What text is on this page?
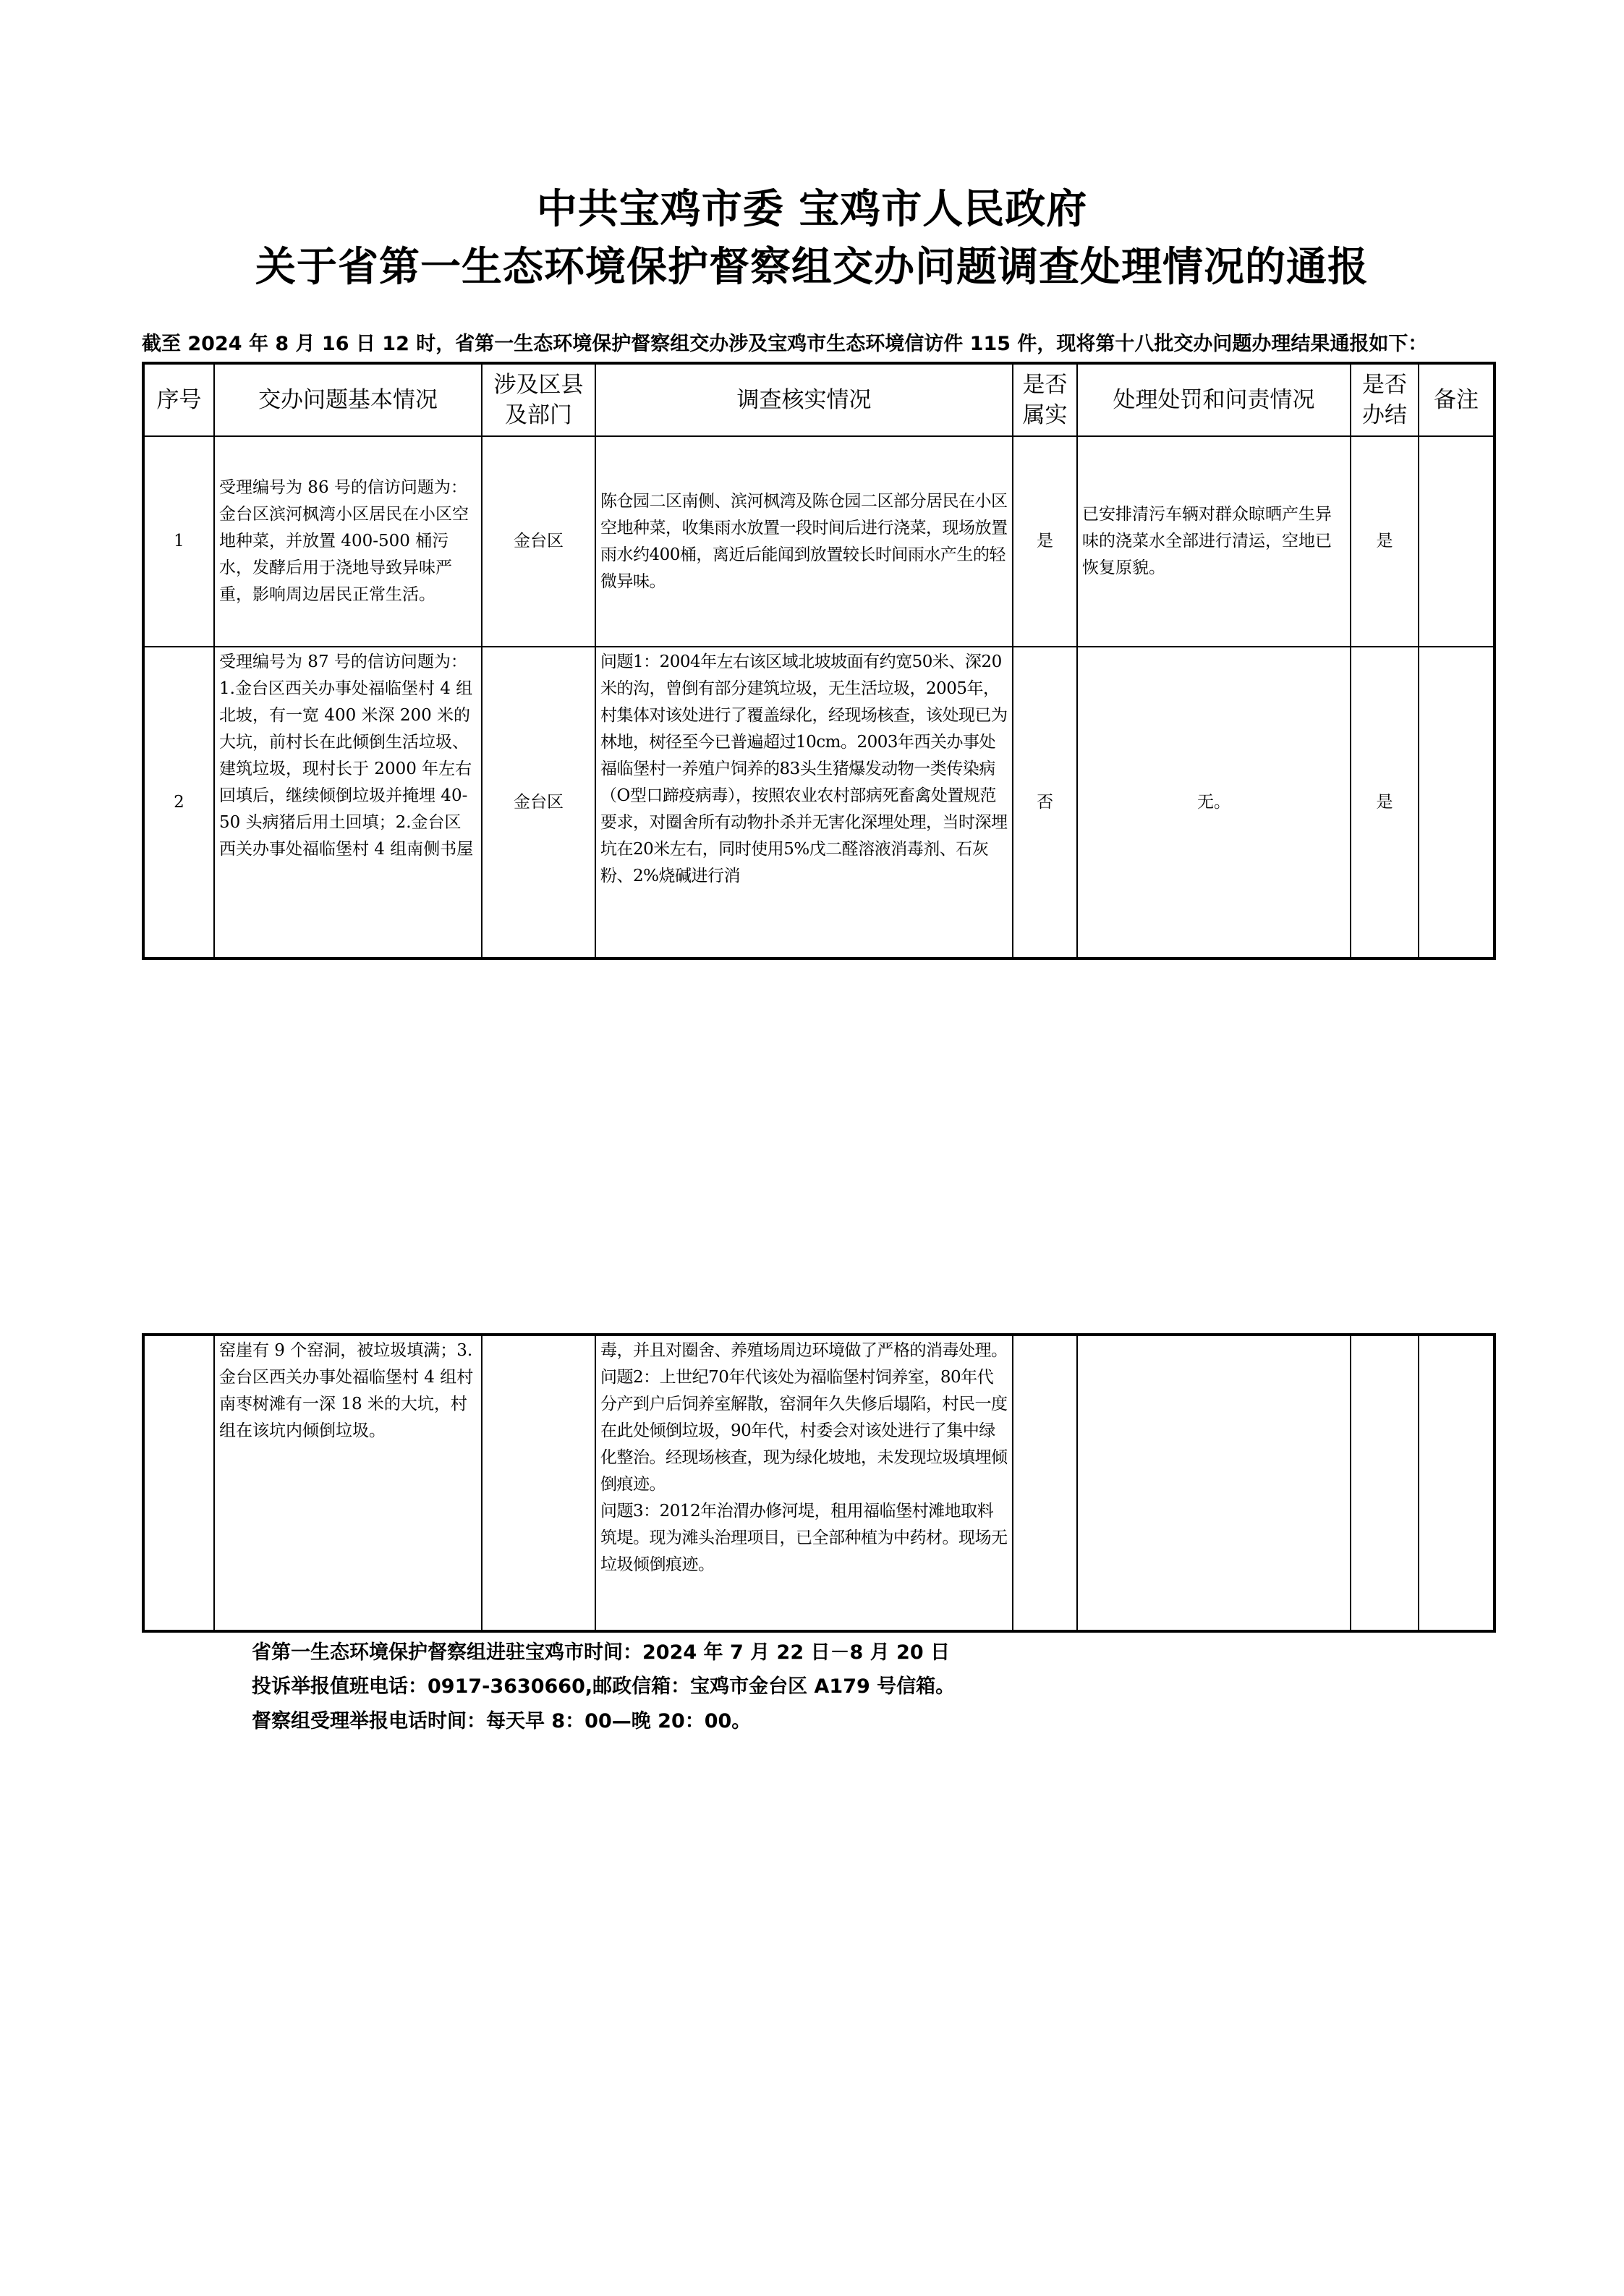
中共宝鸡市委 宝鸡市人民政府
关于省第一生态环境保护督察组交办问题调查处理情况的通报
截至 2024 年 8 月 16 日 12 时，省第一生态环境保护督察组交办涉及宝鸡市生态环境信访件 115 件，现将第十八批交办问题办理结果通报如下：
序号	交办问题基本情况	涉及区县及部门	调查核实情况	是否属实	处理处罚和问责情况	是否办结	备注
1	受理编号为 86 号的信访问题为：金台区滨河枫湾小区居民在小区空地种菜，并放置 400-500 桶污水，发酵后用于浇地导致异味严重，影响周边居民正常生活。	金台区	陈仓园二区南侧、滨河枫湾及陈仓园二区部分居民在小区空地种菜，收集雨水放置一段时间后进行浇菜，现场放置雨水约400桶，离近后能闻到放置较长时间雨水产生的轻微异味。	是	已安排清污车辆对群众晾晒产生异味的浇菜水全部进行清运，空地已恢复原貌。	是	
2	受理编号为 87 号的信访问题为：1.金台区西关办事处福临堡村 4 组北坡，有一宽 400 米深 200 米的大坑，前村长在此倾倒生活垃圾、建筑垃圾，现村长于 2000 年左右回填后，继续倾倒垃圾并掩埋 40-50 头病猪后用土回填；2.金台区西关办事处福临堡村 4 组南侧书屋	金台区	问题1：2004年左右该区域北坡坡面有约宽50米、深20米的沟，曾倒有部分建筑垃圾，无生活垃圾，2005年，村集体对该处进行了覆盖绿化，经现场核查，该处现已为林地，树径至今已普遍超过10cm。2003年西关办事处福临堡村一养殖户饲养的83头生猪爆发动物一类传染病（O型口蹄疫病毒），按照农业农村部病死畜禽处置规范要求，对圈舍所有动物扑杀并无害化深埋处理，当时深埋坑在20米左右，同时使用5%戊二醛溶液消毒剂、石灰粉、2%烧碱进行消	否	无。	是	
	窑崖有 9 个窑洞，被垃圾填满；3.金台区西关办事处福临堡村 4 组村南枣树滩有一深 18 米的大坑，村组在该坑内倾倒垃圾。		毒，并且对圈舍、养殖场周边环境做了严格的消毒处理。
问题2：上世纪70年代该处为福临堡村饲养室，80年代分产到户后饲养室解散，窑洞年久失修后塌陷，村民一度在此处倾倒垃圾，90年代，村委会对该处进行了集中绿化整治。经现场核查，现为绿化坡地，未发现垃圾填埋倾倒痕迹。
问题3：2012年治渭办修河堤，租用福临堡村滩地取料筑堤。现为滩头治理项目，已全部种植为中药材。现场无垃圾倾倒痕迹。				
省第一生态环境保护督察组进驻宝鸡市时间：2024 年 7 月 22 日－8 月 20 日
投诉举报值班电话：0917-3630660,邮政信箱：宝鸡市金台区 A179 号信箱。
督察组受理举报电话时间：每天早 8：00—晚 20：00。
